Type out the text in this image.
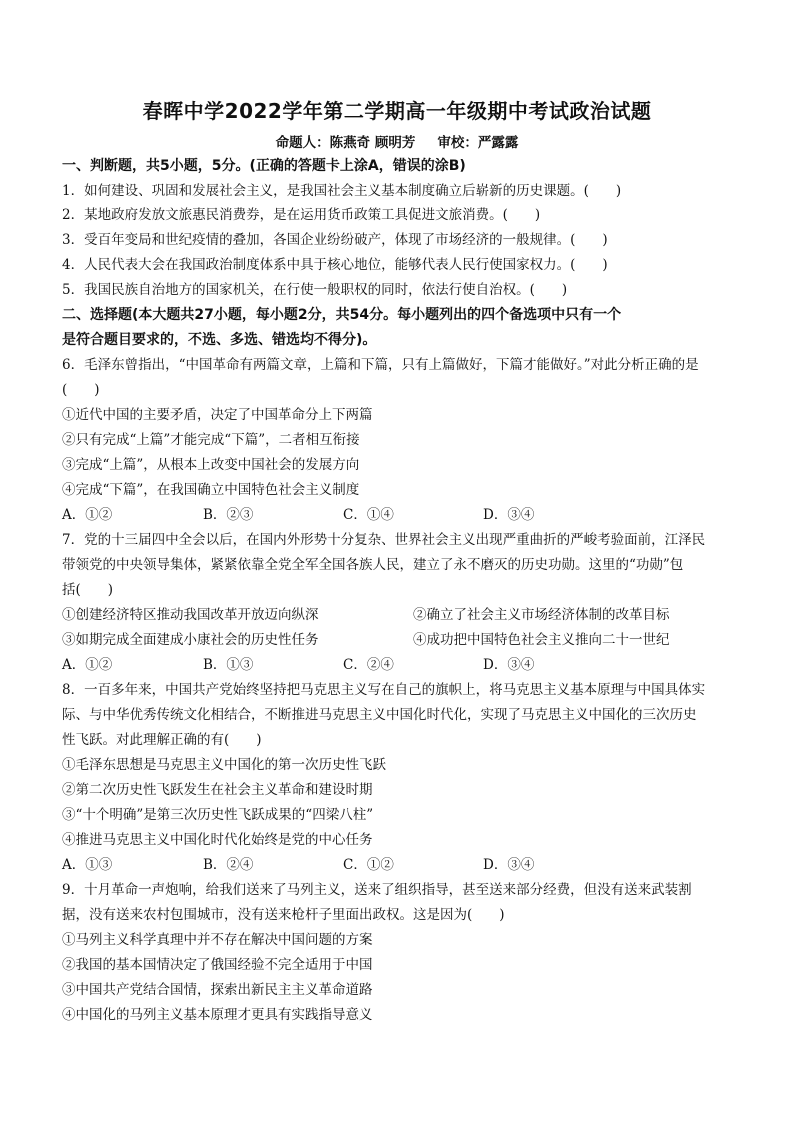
春晖中学2022学年第二学期高一年级期中考试政治试题
命题人：陈燕奇 顾明芳 审校：严露露
一、判断题，共5小题，5分。(正确的答题卡上涂A，错误的涂B)
1．如何建设、巩固和发展社会主义，是我国社会主义基本制度确立后崭新的历史课题。(　　)
2．某地政府发放文旅惠民消费券，是在运用货币政策工具促进文旅消费。(　　)
3．受百年变局和世纪疫情的叠加，各国企业纷纷破产，体现了市场经济的一般规律。(　　)
4．人民代表大会在我国政治制度体系中具于核心地位，能够代表人民行使国家权力。(　　)
5．我国民族自治地方的国家机关，在行使一般职权的同时，依法行使自治权。(　　)
二、选择题(本大题共27小题，每小题2分，共54分。每小题列出的四个备选项中只有一个
是符合题目要求的，不选、多选、错选均不得分)。
6．毛泽东曾指出，“中国革命有两篇文章，上篇和下篇，只有上篇做好，下篇才能做好。”对此分析正确的是
(　　)
①近代中国的主要矛盾，决定了中国革命分上下两篇
②只有完成“上篇”才能完成“下篇”，二者相互衔接
③完成“上篇”，从根本上改变中国社会的发展方向
④完成“下篇”，在我国确立中国特色社会主义制度
A．①②	B．②③	C．①④	D．③④
7．党的十三届四中全会以后，在国内外形势十分复杂、世界社会主义出现严重曲折的严峻考验面前，江泽民
带领党的中央领导集体，紧紧依靠全党全军全国各族人民，建立了永不磨灭的历史功勋。这里的“功勋”包
括(　　)
①创建经济特区推动我国改革开放迈向纵深	②确立了社会主义市场经济体制的改革目标
③如期完成全面建成小康社会的历史性任务	④成功把中国特色社会主义推向二十一世纪
A．①②	B．①③	C．②④	D．③④
8．一百多年来，中国共产党始终坚持把马克思主义写在自己的旗帜上，将马克思主义基本原理与中国具体实
际、与中华优秀传统文化相结合，不断推进马克思主义中国化时代化，实现了马克思主义中国化的三次历史
性飞跃。对此理解正确的有(　　)
①毛泽东思想是马克思主义中国化的第一次历史性飞跃
②第二次历史性飞跃发生在社会主义革命和建设时期
③“十个明确”是第三次历史性飞跃成果的“四梁八柱”
④推进马克思主义中国化时代化始终是党的中心任务
A．①③	B．②④	C．①②	D．③④
9．十月革命一声炮响，给我们送来了马列主义，送来了组织指导，甚至送来部分经费，但没有送来武装割
据，没有送来农村包围城市，没有送来枪杆子里面出政权。这是因为(　　)
①马列主义科学真理中并不存在解决中国问题的方案
②我国的基本国情决定了俄国经验不完全适用于中国
③中国共产党结合国情，探索出新民主主义革命道路
④中国化的马列主义基本原理才更具有实践指导意义
